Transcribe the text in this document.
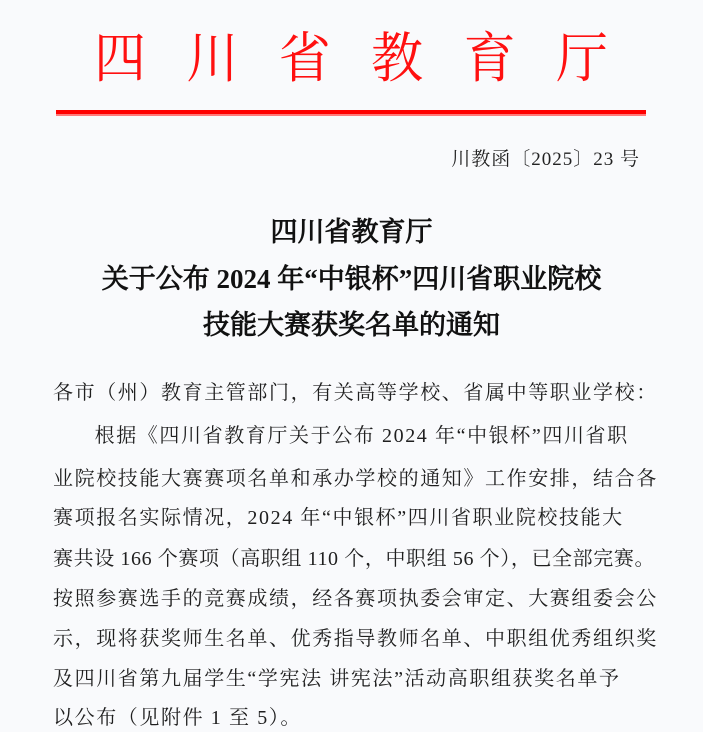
四 川 省 教 育 厅
川教函〔2025〕23 号
四川省教育厅
关于公布 2024 年“中银杯”四川省职业院校
技能大赛获奖名单的通知
各市（州）教育主管部门，有关高等学校、省属中等职业学校：
　根据《四川省教育厅关于公布 2024 年“中银杯”四川省职
业院校技能大赛赛项名单和承办学校的通知》工作安排，结合各
赛项报名实际情况，2024 年“中银杯”四川省职业院校技能大
赛共设 166 个赛项（高职组 110 个，中职组 56 个），已全部完赛。
按照参赛选手的竞赛成绩，经各赛项执委会审定、大赛组委会公
示，现将获奖师生名单、优秀指导教师名单、中职组优秀组织奖
及四川省第九届学生“学宪法 讲宪法”活动高职组获奖名单予
以公布（见附件 1 至 5）。
